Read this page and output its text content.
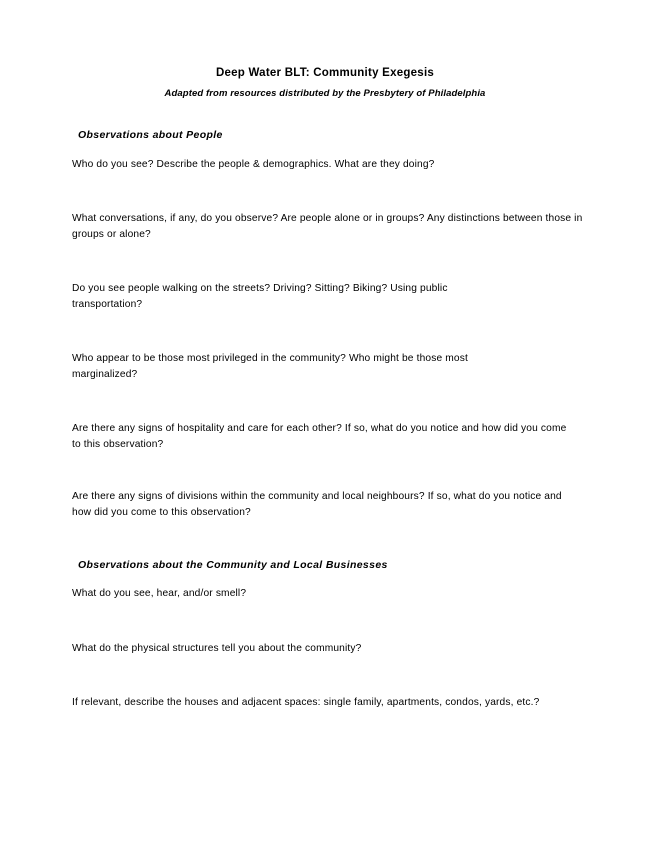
Deep Water BLT: Community Exegesis
Adapted from resources distributed by the Presbytery of Philadelphia
Observations about People
Who do you see? Describe the people & demographics. What are they doing?
What conversations, if any, do you observe? Are people alone or in groups? Any distinctions between those in groups or alone?
Do you see people walking on the streets? Driving? Sitting? Biking? Using public transportation?
Who appear to be those most privileged in the community? Who might be those most marginalized?
Are there any signs of hospitality and care for each other? If so, what do you notice and how did you come to this observation?
Are there any signs of divisions within the community and local neighbours? If so, what do you notice and how did you come to this observation?
Observations about the Community and Local Businesses
What do you see, hear, and/or smell?
What do the physical structures tell you about the community?
If relevant, describe the houses and adjacent spaces: single family, apartments, condos, yards, etc.?
